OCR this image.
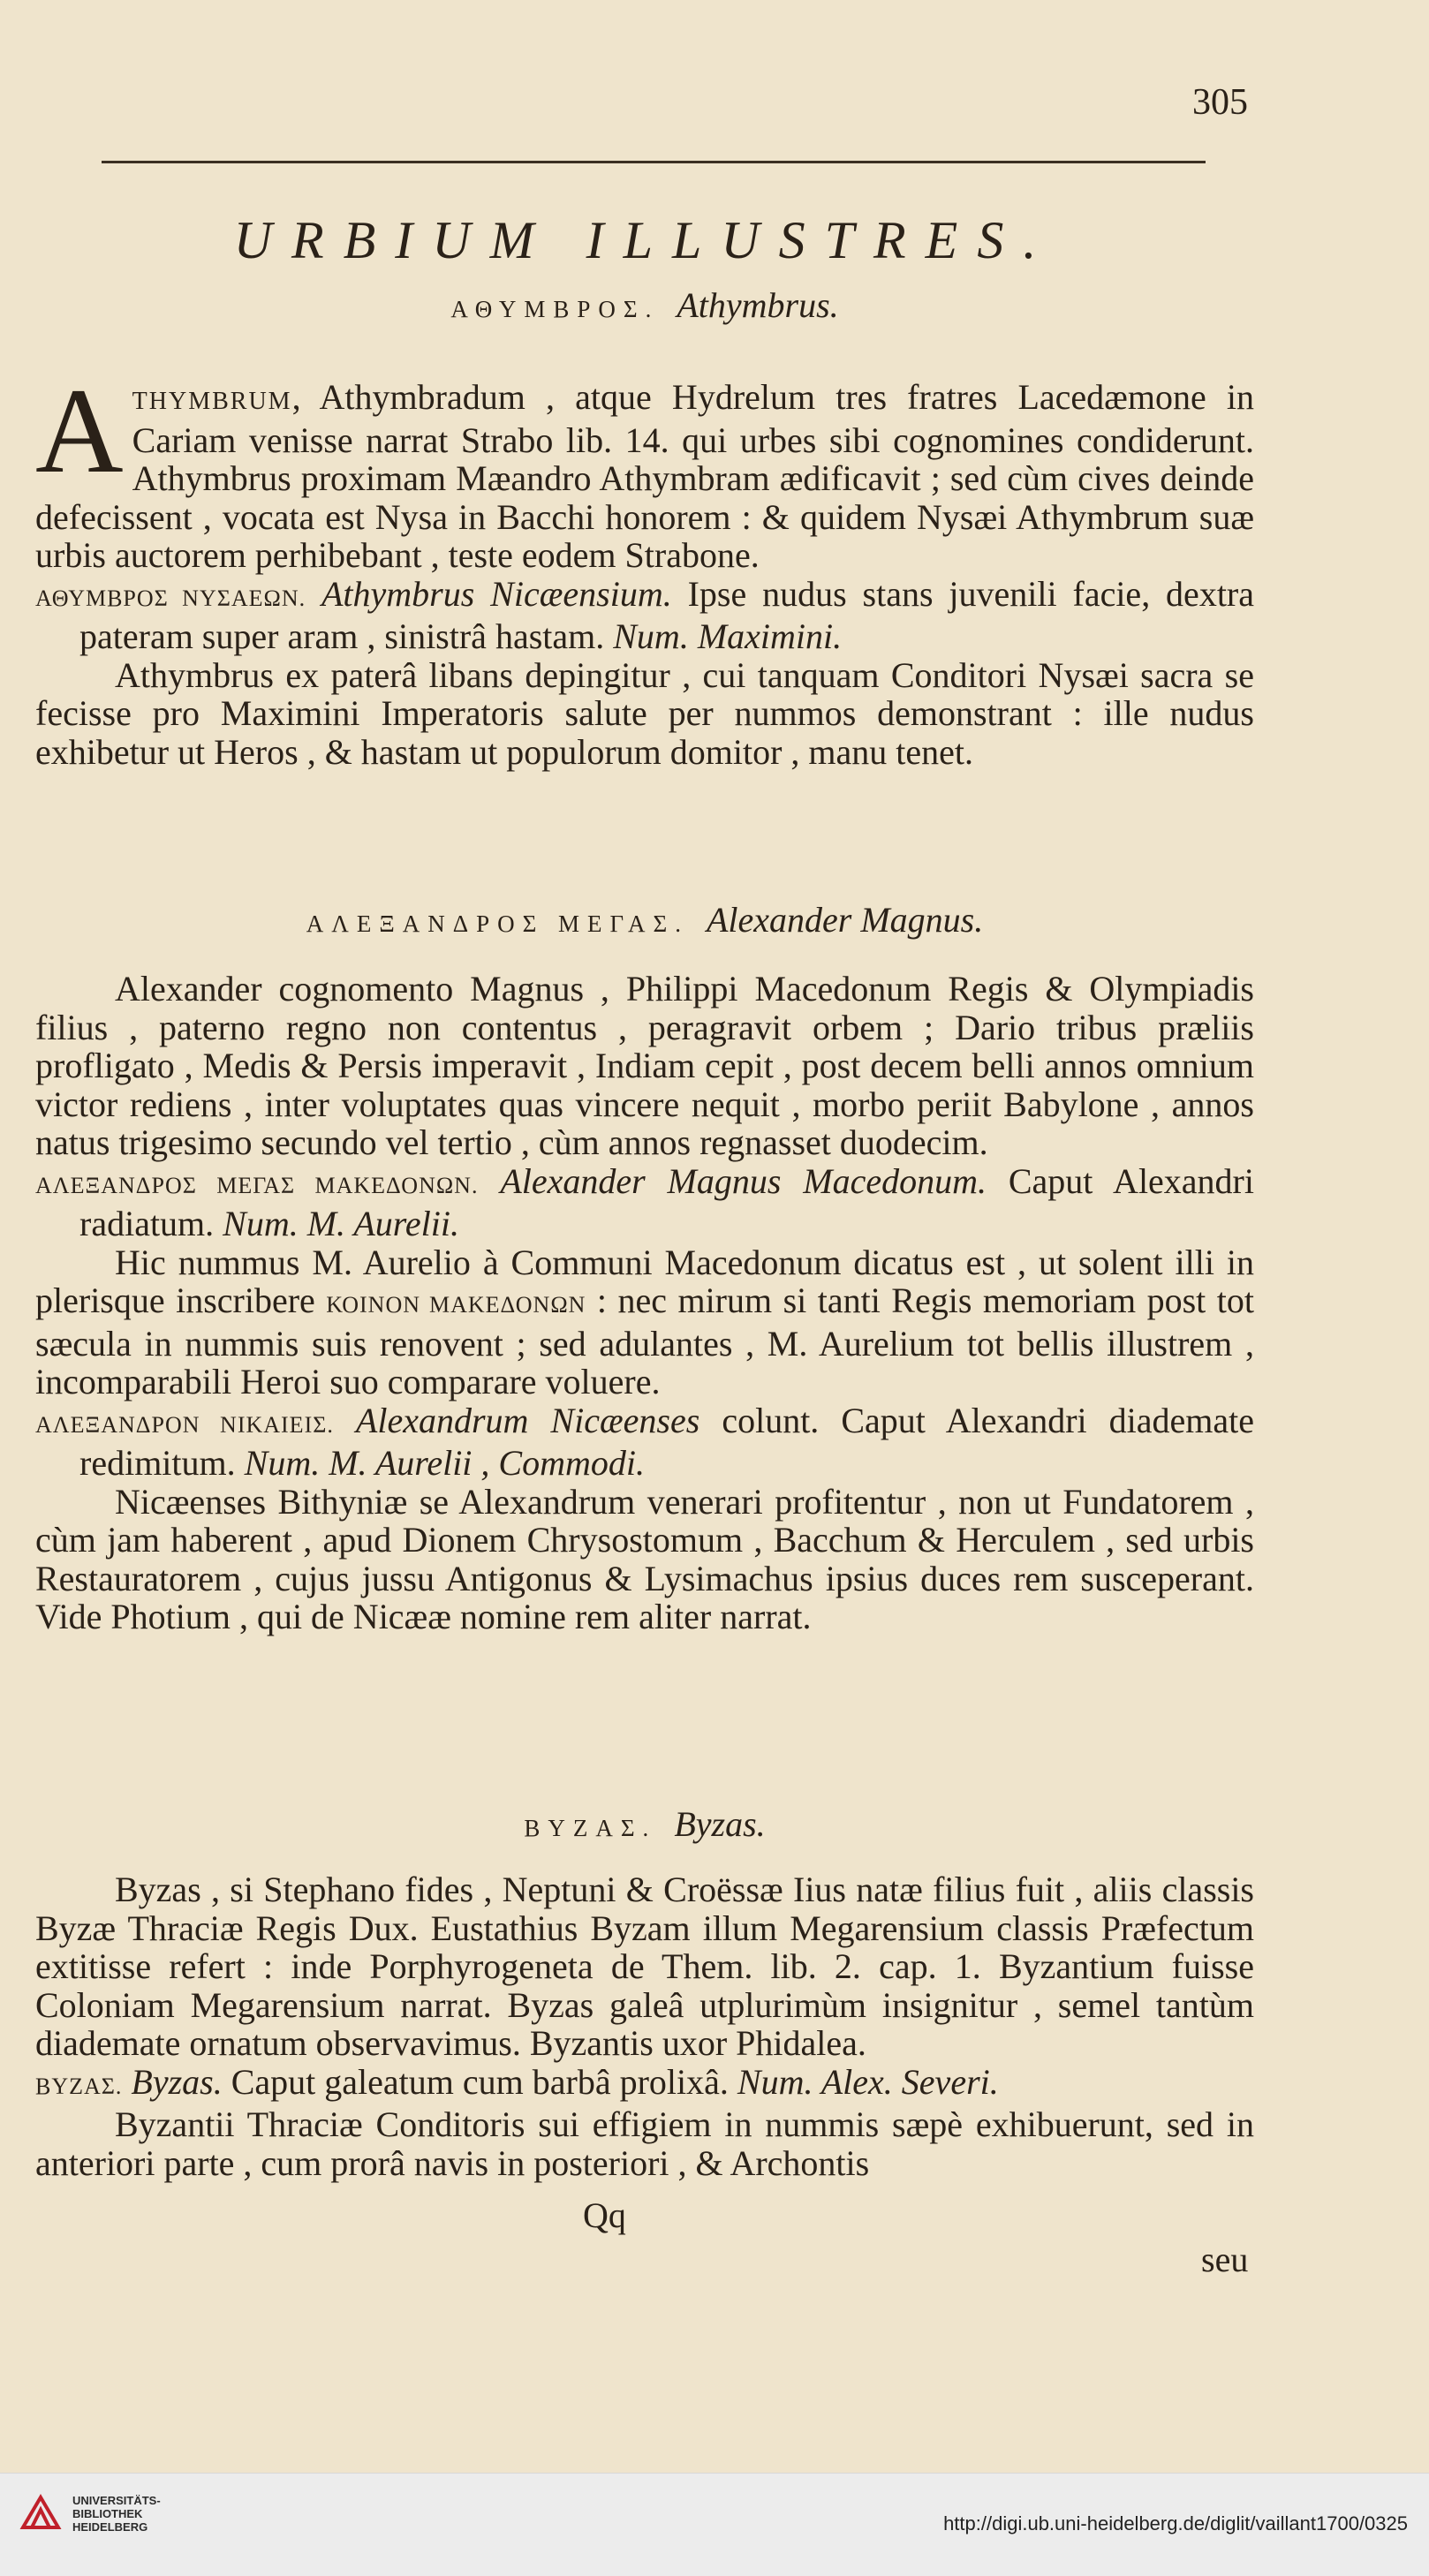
305

URBIUM ILLUSTRES.

ΑΘΥΜΒΡΟΣ. Athymbrus.

ATHYMBRUM, Athymbradum , atque Hydrelum tres fratres Lacedæmone in Cariam venisse narrat Strabo lib. 14. qui urbes sibi cognomines condiderunt. Athymbrus proximam Mæandro Athymbram ædificavit ; sed cùm cives deinde defecissent , vocata est Nysa in Bacchi honorem : & quidem Nysæi Athymbrum suæ urbis auctorem perhibebant , teste eodem Strabone.

ΑΘΥΜΒΡΟΣ ΝΥΣΑΕΩΝ. Athymbrus Nicæensium. Ipse nudus stans juvenili facie, dextra pateram super aram , sinistrâ hastam. Num. Maximini.

Athymbrus ex paterâ libans depingitur , cui tanquam Conditori Nysæi sacra se fecisse pro Maximini Imperatoris salute per nummos demonstrant : ille nudus exhibetur ut Heros , & hastam ut populorum domitor , manu tenet.

ΑΛΕΞΑΝΔΡΟΣ ΜΕΓΑΣ. Alexander Magnus.

Alexander cognomento Magnus , Philippi Macedonum Regis & Olympiadis filius , paterno regno non contentus , peragravit orbem ; Dario tribus præliis profligato , Medis & Persis imperavit , Indiam cepit , post decem belli annos omnium victor rediens , inter voluptates quas vincere nequit , morbo periit Babylone , annos natus trigesimo secundo vel tertio , cùm annos regnasset duodecim.

ΑΛΕΞΑΝΔΡΟΣ ΜΕΓΑΣ ΜΑΚΕΔΟΝΩΝ. Alexander Magnus Macedonum. Caput Alexandri radiatum. Num. M. Aurelii.

Hic nummus M. Aurelio à Communi Macedonum dicatus est , ut solent illi in plerisque inscribere ΚΟΙΝΟΝ ΜΑΚΕΔΟΝΩΝ : nec mirum si tanti Regis memoriam post tot sæcula in nummis suis renovent ; sed adulantes , M. Aurelium tot bellis illustrem , incomparabili Heroi suo comparare voluere.

ΑΛΕΞΑΝΔΡΟΝ ΝΙΚΑΙΕΙΣ. Alexandrum Nicæenses colunt. Caput Alexandri diademate redimitum. Num. M. Aurelii , Commodi.

Nicæenses Bithyniæ se Alexandrum venerari profitentur , non ut Fundatorem , cùm jam haberent , apud Dionem Chrysostomum , Bacchum & Herculem , sed urbis Restauratorem , cujus jussu Antigonus & Lysimachus ipsius duces rem susceperant. Vide Photium , qui de Nicææ nomine rem aliter narrat.

ΒΥΖΑΣ. Byzas.

Byzas , si Stephano fides , Neptuni & Croëssæ Iius natæ filius fuit , aliis classis Byzæ Thraciæ Regis Dux. Eustathius Byzam illum Megarensium classis Præfectum extitisse refert : inde Porphyrogeneta de Them. lib. 2. cap. 1. Byzantium fuisse Coloniam Megarensium narrat. Byzas galeâ utplurimùm insignitur , semel tantùm diademate ornatum observavimus. Byzantis uxor Phidalea.

ΒΥΖΑΣ. Byzas. Caput galeatum cum barbâ prolixâ. Num. Alex. Severi.

Byzantii Thraciæ Conditoris sui effigiem in nummis sæpè exhibuerunt, sed in anteriori parte , cum prorâ navis in posteriori , & Archontis

Qq
seu
UNIVERSITÄTS-
BIBLIOTHEK
HEIDELBERG	http://digi.ub.uni-heidelberg.de/diglit/vaillant1700/0325
